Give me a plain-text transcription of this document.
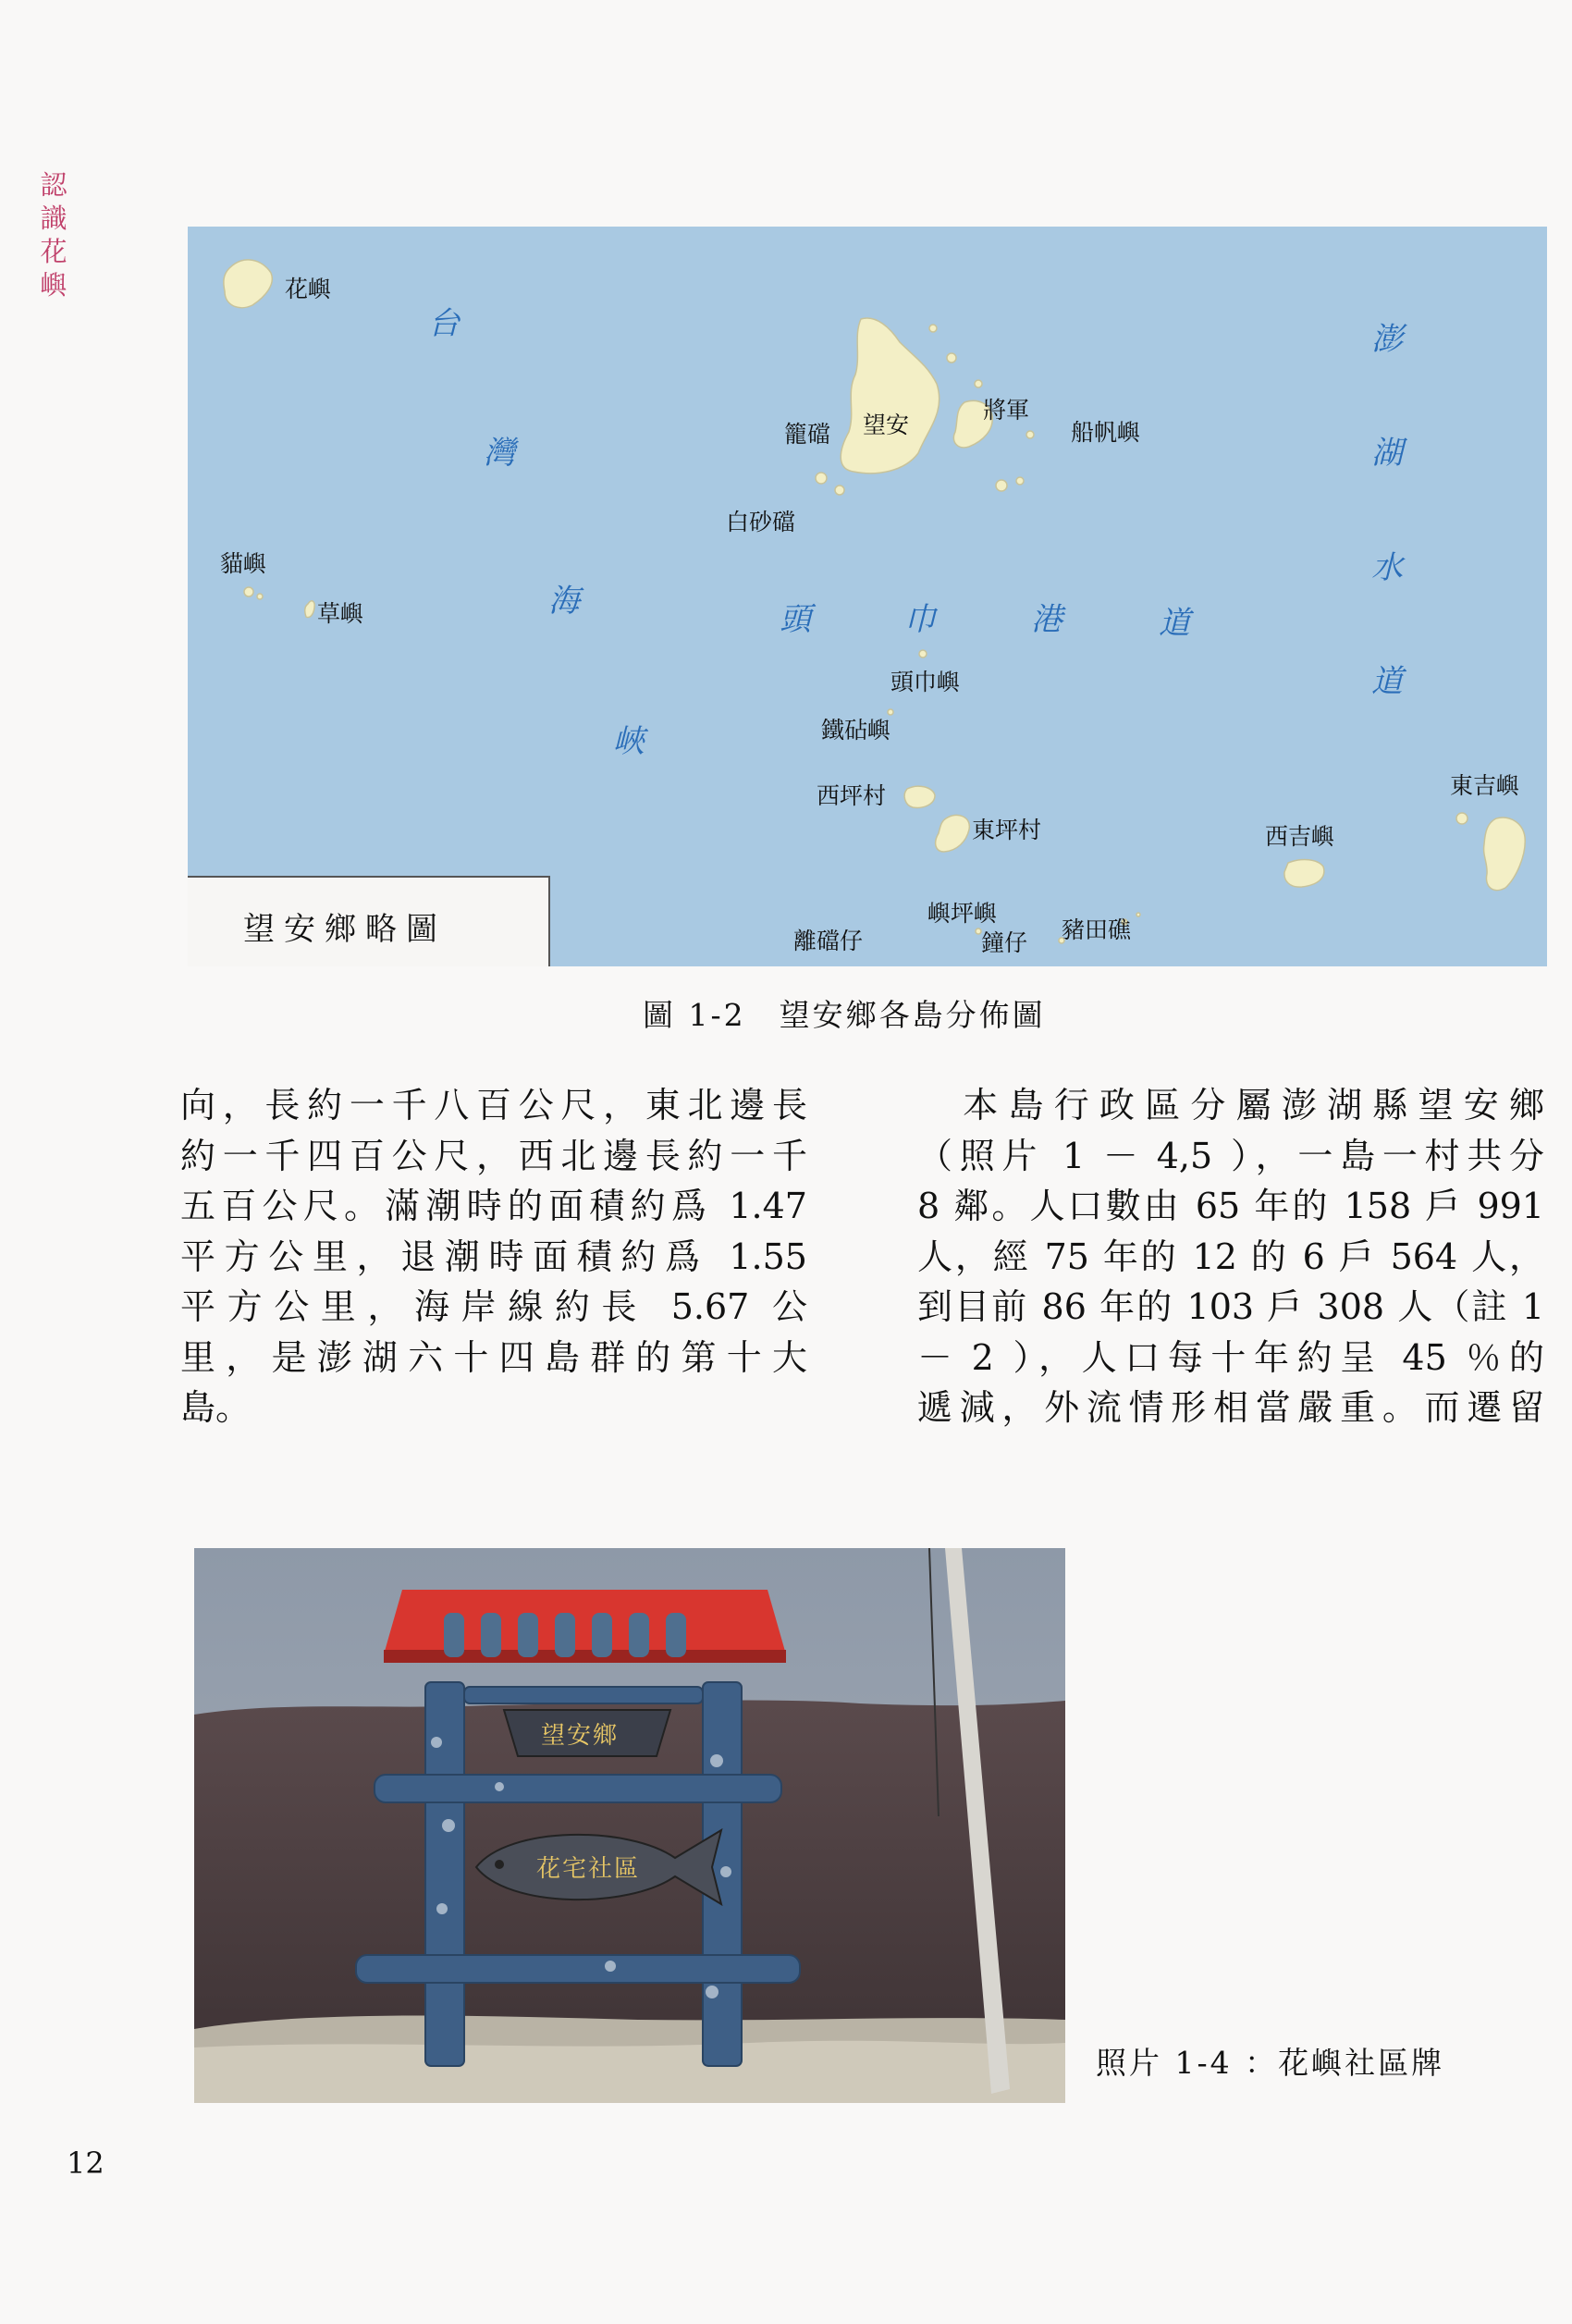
認
識
花
嶼	花嶼
籠礑 望安
將軍
船帆嶼
白砂礑
貓嶼
草嶼
頭巾嶼
鐵砧嶼
西坪村
東坪村
東吉嶼
西吉嶼
嶼坪嶼
離礑仔	鐘仔 豬田礁
台
灣
海
峽
頭	巾	港	道
澎
湖
水
道
望安鄉略圖
圖 1-2　望安鄉各島分佈圖
向，長約一千八百公尺，東北邊長
約一千四百公尺，西北邊長約一千
五百公尺。滿潮時的面積約爲 1.47
平方公里，退潮時面積約爲 1.55
平方公里，海岸線約長 5.67 公
里，是澎湖六十四島群的第十大
島。
　本島行政區分屬澎湖縣望安鄉
（照片 1 － 4,5 ），一島一村共分
8 鄰。人口數由 65 年的 158 戶 991
人，經 75 年的 12 的 6 戶 564 人，
到目前 86 年的 103 戶 308 人（註 1
－ 2 ），人口每十年約呈 45 ％的
遞減，外流情形相當嚴重。而遷留
望安鄉
花宅社區
照片 1-4 ：花嶼社區牌
12
